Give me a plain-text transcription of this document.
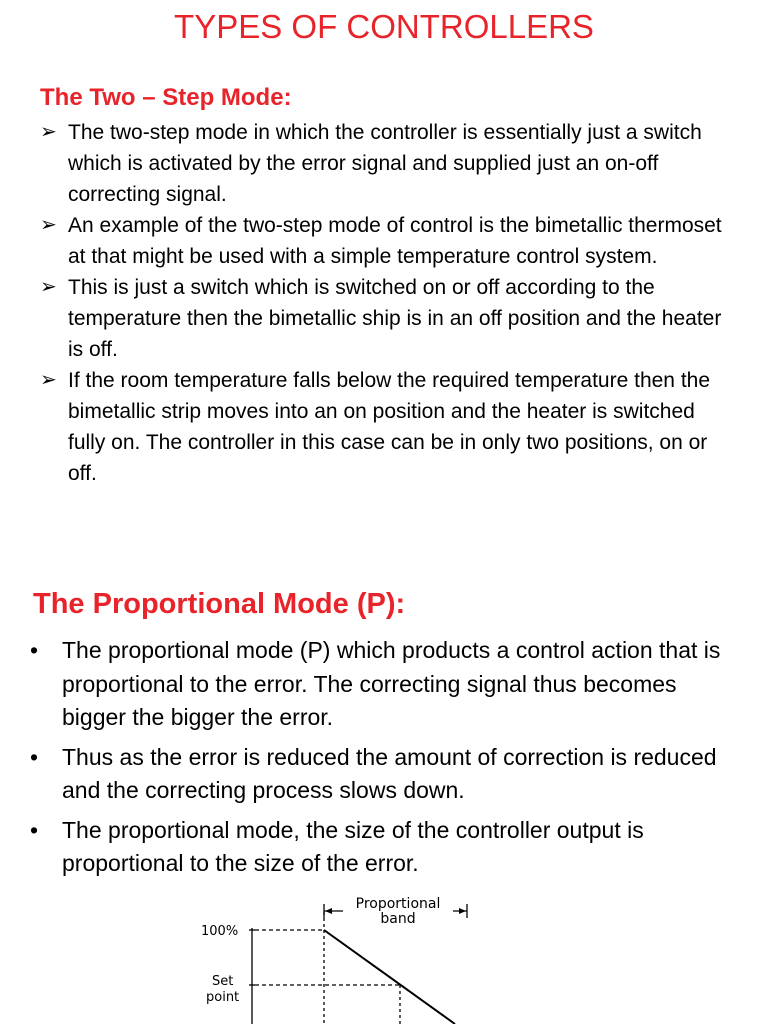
TYPES OF CONTROLLERS
The Two – Step Mode:
➢ The two-step mode in which the controller is essentially just a switch which is activated by the error signal and supplied just an on-off correcting signal.
➢ An example of the two-step mode of control is the bimetallic thermoset at that might be used with a simple temperature control system.
➢ This is just a switch which is switched on or off according to the temperature then the bimetallic ship is in an off position and the heater is off.
➢ If the room temperature falls below the required temperature then the bimetallic strip moves into an on position and the heater is switched fully on. The controller in this case can be in only two positions, on or off.
The Proportional Mode (P):
• The proportional mode (P) which products a control action that is proportional to the error. The correcting signal thus becomes bigger the bigger the error.
• Thus as the error is reduced the amount of correction is reduced and the correcting process slows down.
• The proportional mode, the size of the controller output is proportional to the size of the error.
100%
Set
point
Proportional
band
